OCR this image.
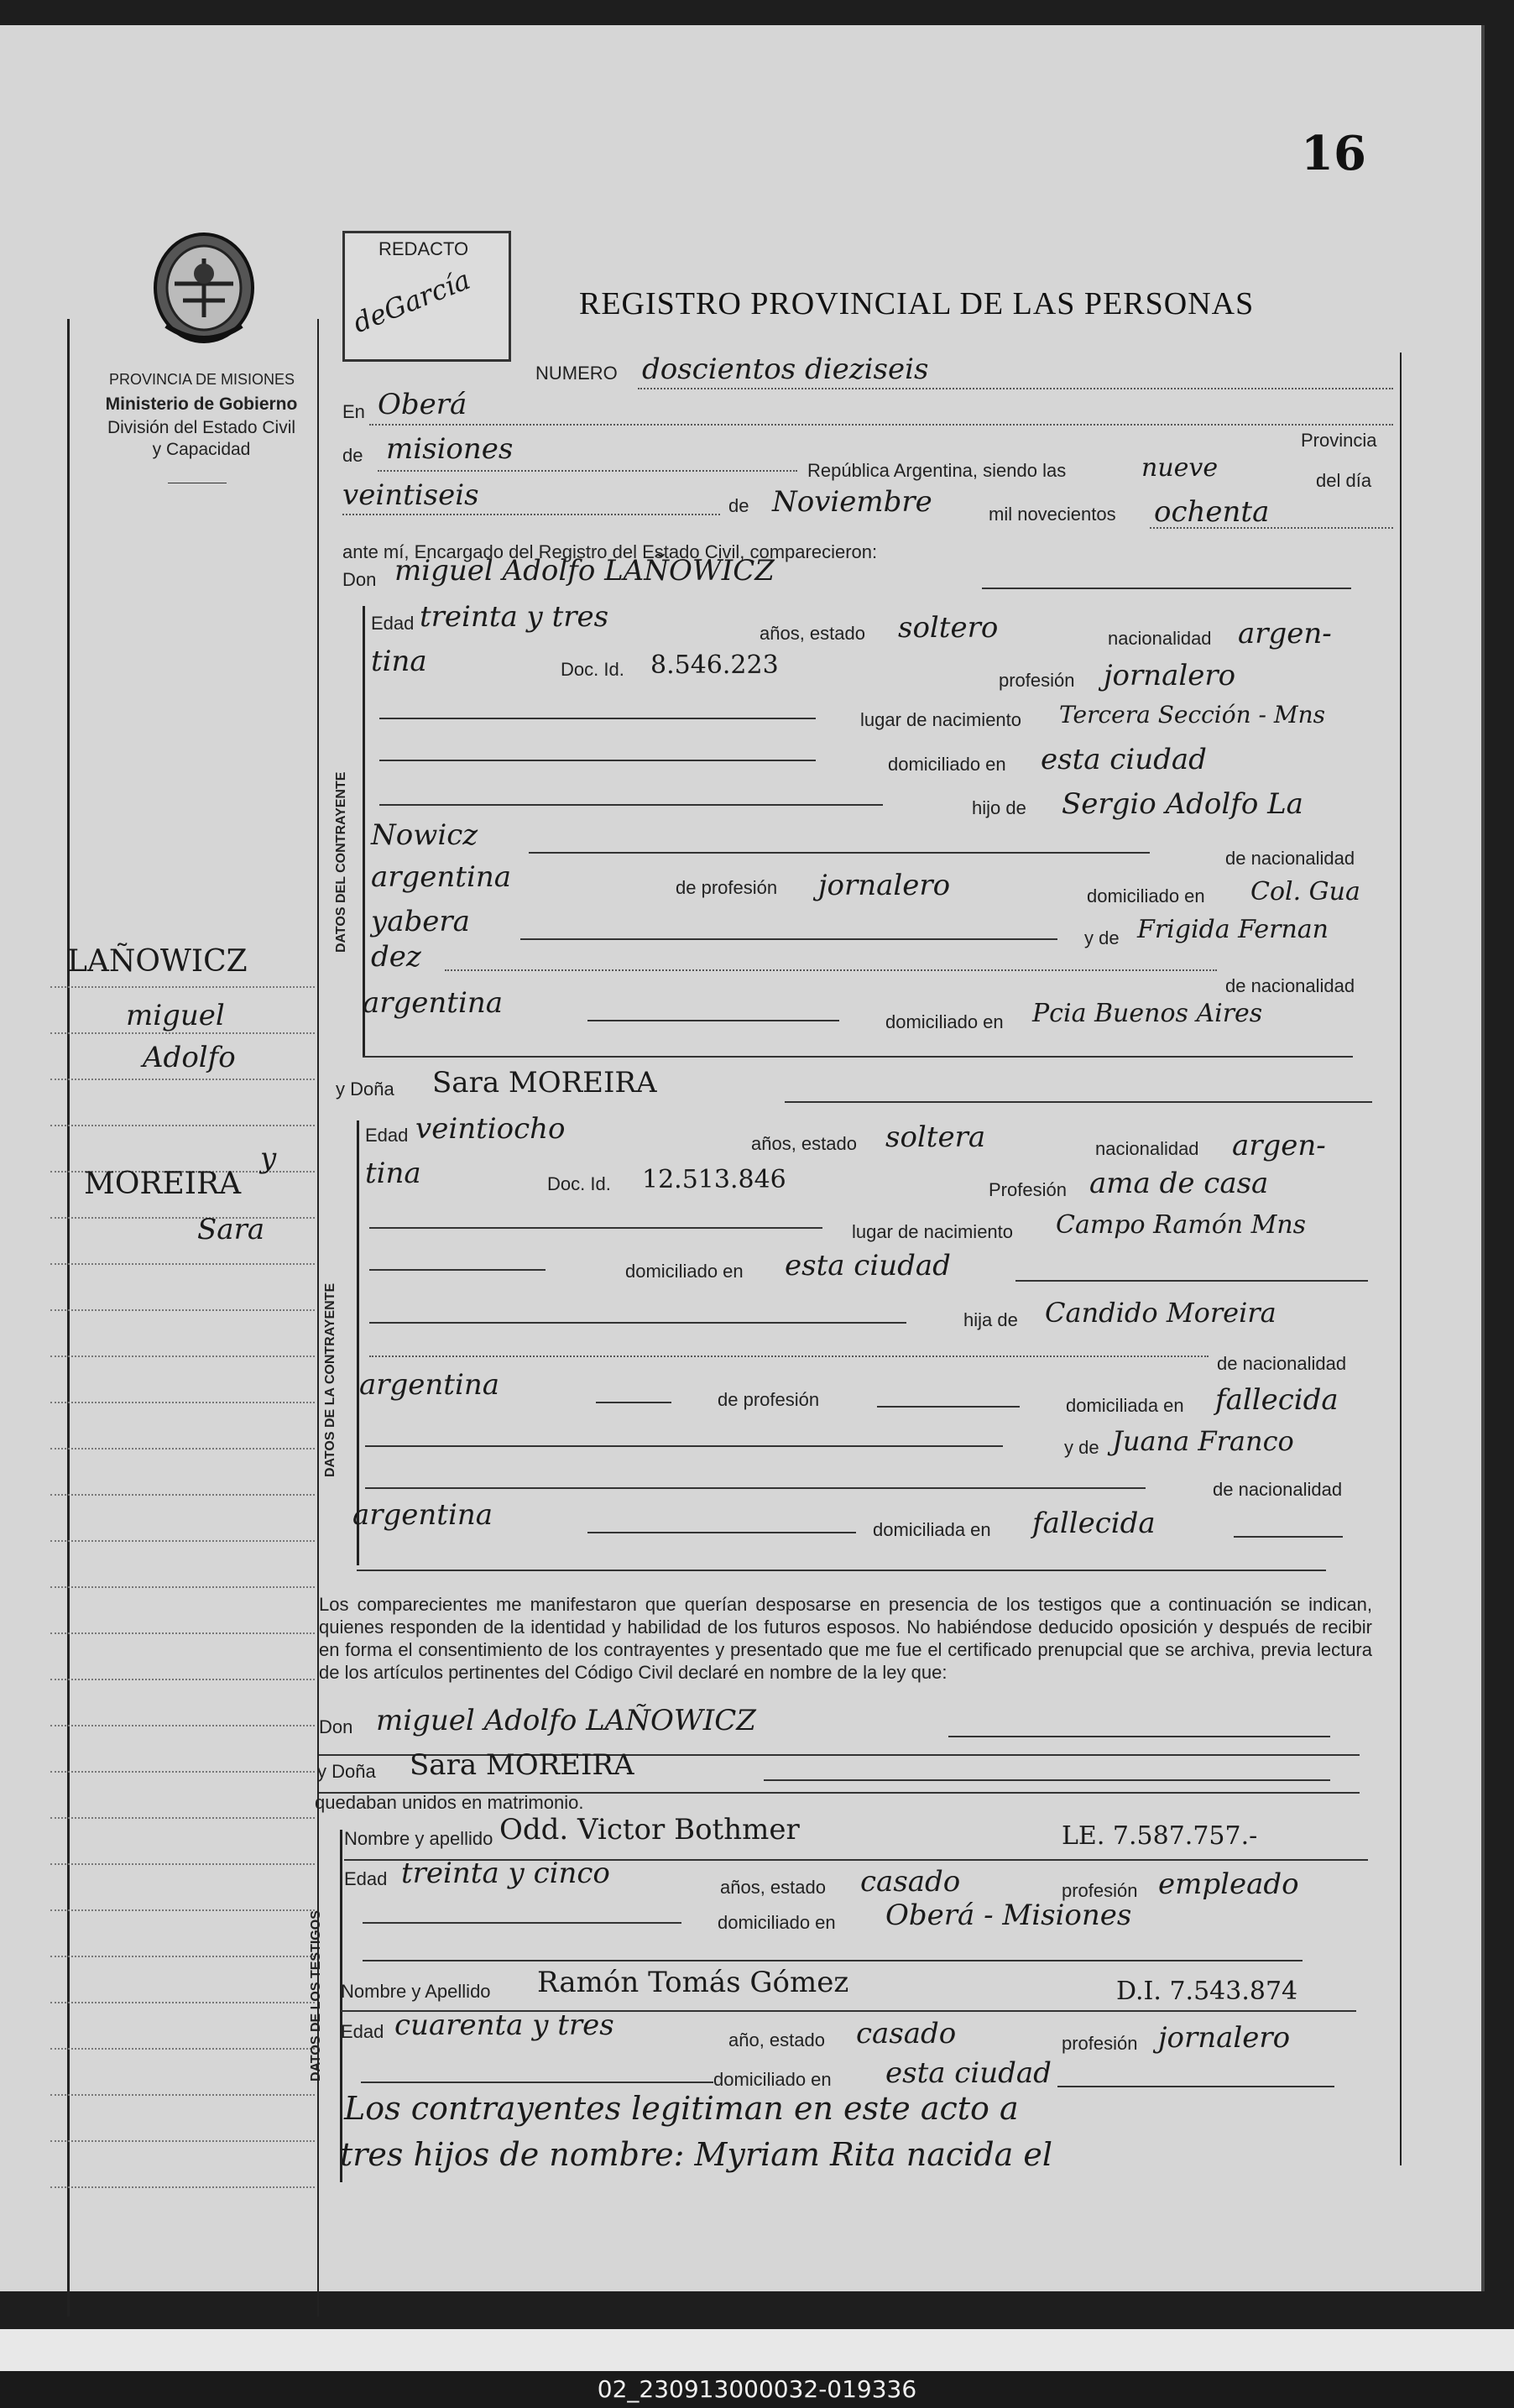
16
PROVINCIA DE MISIONES
Ministerio de Gobierno
División del Estado Civil
y Capacidad
REDACTO
deGarcía	REGISTRO PROVINCIAL DE LAS PERSONAS
LAÑOWICZ
miguel
Adolfo
y
MOREIRA
Sara
NUMERO doscientos dieziseis
En Oberá
Provincia
de misiones
República Argentina, siendo las	nueve	del día
veintiseis	de Noviembre	mil novecientos ochenta
ante mí, Encargado del Registro del Estado Civil, comparecieron:
Don miguel Adolfo LAÑOWICZ
DATOS DEL CONTRAYENTE
Edad treinta y tres	años, estado soltero	nacionalidad argen-
tina	Doc. Id. 8.546.223
profesión jornalero
lugar de nacimiento Tercera Sección - Mns
domiciliado en esta ciudad
hijo de Sergio Adolfo La
Nowicz
de nacionalidad
argentina	de profesión jornalero	domiciliado en Col. Gua
yabera	y de Frigida Fernan
dez
de nacionalidad
argentina
domiciliado en Pcia Buenos Aires
y Doña Sara MOREIRA
DATOS DE LA CONTRAYENTE
Edad veintiocho	años, estado soltera	nacionalidad argen-
tina	Doc. Id. 12.513.846	Profesión ama de casa
lugar de nacimiento Campo Ramón Mns
domiciliado en esta ciudad
hija de Candido Moreira
de nacionalidad
argentina	de profesión	domiciliada en fallecida
y de Juana Franco
de nacionalidad
argentina	domiciliada en fallecida
Los comparecientes me manifestaron que querían desposarse en presencia de los testigos que a continuación se indican, quienes responden de la identidad y habilidad de los futuros esposos. No habiéndose deducido oposición y después de recibir en forma el consentimiento de los contrayentes y presentado que me fue el certificado prenupcial que se archiva, previa lectura de los artículos pertinentes del Código Civil declaré en nombre de la ley que:
Don miguel Adolfo LAÑOWICZ
y Doña Sara MOREIRA
quedaban unidos en matrimonio.
DATOS DE LOS TESTIGOS
Nombre y apellido Odd. Victor Bothmer	LE. 7.587.757.-
Edad treinta y cinco	años, estado casado	profesión empleado
domiciliado en Oberá - Misiones
Nombre y Apellido Ramón Tomás Gómez	D.I. 7.543.874
Edad cuarenta y tres	año, estado casado	profesión jornalero
domiciliado en esta ciudad
Los contrayentes legitiman en este acto a
tres hijos de nombre: Myriam Rita nacida el
02_230913000032-019336
